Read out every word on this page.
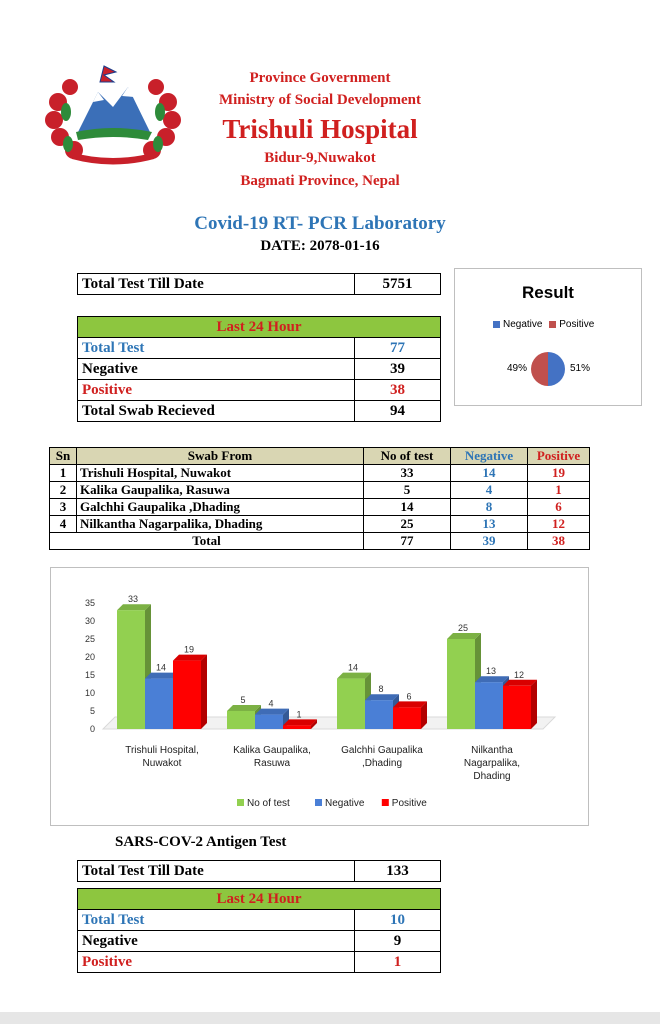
Province Government
Ministry of Social Development
Trishuli Hospital
Bidur-9,Nuwakot
Bagmati Province, Nepal
Covid-19 RT- PCR Laboratory
DATE: 2078-01-16
Total Test Till Date	5751
Last 24 Hour	
Total Test	77
Negative	39
Positive	38
Total Swab Recieved	94
Result
Negative Positive
49%	51%
Sn	Swab From	No of test	Negative	Positive
1	Trishuli Hospital, Nuwakot	33	14	19
2	Kalika Gaupalika, Rasuwa	5	4	1
3	Galchhi Gaupalika ,Dhading	14	8	6
4	Nilkantha Nagarpalika, Dhading	25	13	12
Total		77	39	38
0
5
10
15
20
25
30
35	33
14
19
Trishuli Hospital,
Nuwakot
5	4
1
Kalika Gaupalika,
Rasuwa
14
8
6
Galchhi Gaupalika
,Dhading
25
13 12
Nilkantha
Nagarpalika,
Dhading
No of test	Negative	Positive
SARS-COV-2 Antigen Test
Total Test Till Date	133
Last 24 Hour	
Total Test	10
Negative	9
Positive	1
